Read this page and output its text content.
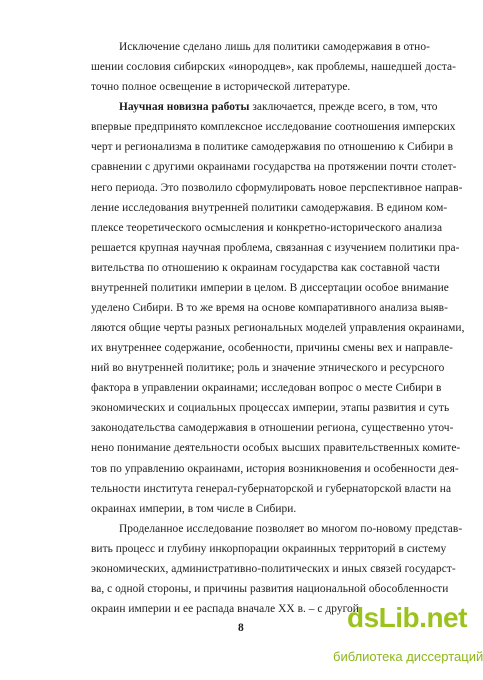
Исключение сделано лишь для политики самодержавия в отно-
шении сословия сибирских «инородцев», как проблемы, нашедшей доста-
точно полное освещение в исторической литературе.
Научная новизна работы заключается, прежде всего, в том, что
впервые предпринято комплексное исследование соотношения имперских
черт и регионализма в политике самодержавия по отношению к Сибири в
сравнении с другими окраинами государства на протяжении почти столет-
него периода. Это позволило сформулировать новое перспективное направ-
ление исследования внутренней политики самодержавия. В едином ком-
плексе теоретического осмысления и конкретно-исторического анализа
решается крупная научная проблема, связанная с изучением политики пра-
вительства по отношению к окраинам государства как составной части
внутренней политики империи в целом. В диссертации особое внимание
уделено Сибири. В то же время на основе компаративного анализа выяв-
ляются общие черты разных региональных моделей управления окраинами,
их внутреннее содержание, особенности, причины смены вех и направле-
ний во внутренней политике; роль и значение этнического и ресурсного
фактора в управлении окраинами; исследован вопрос о месте Сибири в
экономических и социальных процессах империи, этапы развития и суть
законодательства самодержавия в отношении региона, существенно уточ-
нено понимание деятельности особых высших правительственных комите-
тов по управлению окраинами, история возникновения и особенности дея-
тельности института генерал-губернаторской и губернаторской власти на
окраинах империи, в том числе в Сибири.
Проделанное исследование позволяет во многом по-новому представ-
вить процесс и глубину инкорпорации окраинных территорий в систему
экономических, административно-политических и иных связей государст-
ва, с одной стороны, и причины развития национальной обособленности
окраин империи и ее распада вначале XX в. – с другой.
8	dsLib.net
библиотека диссертаций
